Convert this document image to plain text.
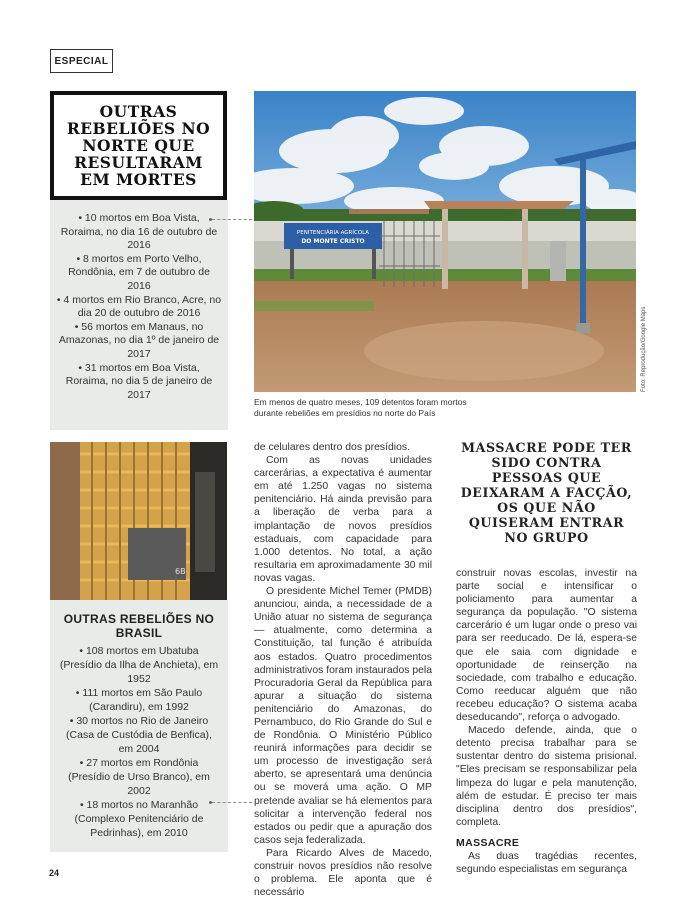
ESPECIAL
OUTRAS REBELIÕES NO NORTE QUE RESULTARAM EM MORTES
• 10 mortos em Boa Vista, Roraima, no dia 16 de outubro de 2016
• 8 mortos em Porto Velho, Rondônia, em 7 de outubro de 2016
• 4 mortos em Rio Branco, Acre, no dia 20 de outubro de 2016
• 56 mortos em Manaus, no Amazonas, no dia 1º de janeiro de 2017
• 31 mortos em Boa Vista, Roraima, no dia 5 de janeiro de 2017
PENITENCIÁRIA AGRÍCOLA
DO MONTE CRISTO
Foto: Reprodução/Google Maps
Em menos de quatro meses, 109 detentos foram mortos durante rebeliões em presídios no norte do País
6B
OUTRAS REBELIÕES NO BRASIL
• 108 mortos em Ubatuba (Presídio da Ilha de Anchieta), em 1952
• 111 mortos em São Paulo (Carandiru), em 1992
• 30 mortos no Rio de Janeiro (Casa de Custódia de Benfica), em 2004
• 27 mortos em Rondônia (Presídio de Urso Branco), em 2002
• 18 mortos no Maranhão (Complexo Penitenciário de Pedrinhas), em 2010

de celulares dentro dos presídios.

Com as novas unidades carcerárias, a expectativa é aumentar em até 1.250 vagas no sistema penitenciário. Há ainda previsão para a liberação de verba para a implantação de novos presídios estaduais, com capacidade para 1.000 detentos. No total, a ação resultaria em aproximadamente 30 mil novas vagas.

O presidente Michel Temer (PMDB) anunciou, ainda, a necessidade de a União atuar no sistema de segurança — atualmente, como determina a Constituição, tal função é atribuída aos estados. Quatro procedimentos administrativos foram instaurados pela Procuradoria Geral da República para apurar a situação do sistema penitenciário do Amazonas, do Pernambuco, do Rio Grande do Sul e de Rondônia. O Ministério Público reunirá informações para decidir se um processo de investigação será aberto, se apresentará uma denúncia ou se moverá uma ação. O MP pretende avaliar se há elementos para solicitar a intervenção federal nos estados ou pedir que a apuração dos casos seja federalizada.

Para Ricardo Alves de Macedo, construir novos presídios não resolve o problema. Ele aponta que é necessário

MASSACRE PODE TER SIDO CONTRA PESSOAS QUE DEIXARAM A FACÇÃO, OS QUE NÃO QUISERAM ENTRAR NO GRUPO

construir novas escolas, investir na parte social e intensificar o policiamento para aumentar a segurança da população. "O sistema carcerário é um lugar onde o preso vai para ser reeducado. De lá, espera-se que ele saia com dignidade e oportunidade de reinserção na sociedade, com trabalho e educação. Como reeducar alguém que não recebeu educação? O sistema acaba deseducando", reforça o advogado.

Macedo defende, ainda, que o detento precisa trabalhar para se sustentar dentro do sistema prisional. "Eles precisam se responsabilizar pela limpeza do lugar e pela manutenção, além de estudar. É preciso ter mais disciplina dentro dos presídios", completa.

MASSACRE

As duas tragédias recentes, segundo especialistas em segurança

24
